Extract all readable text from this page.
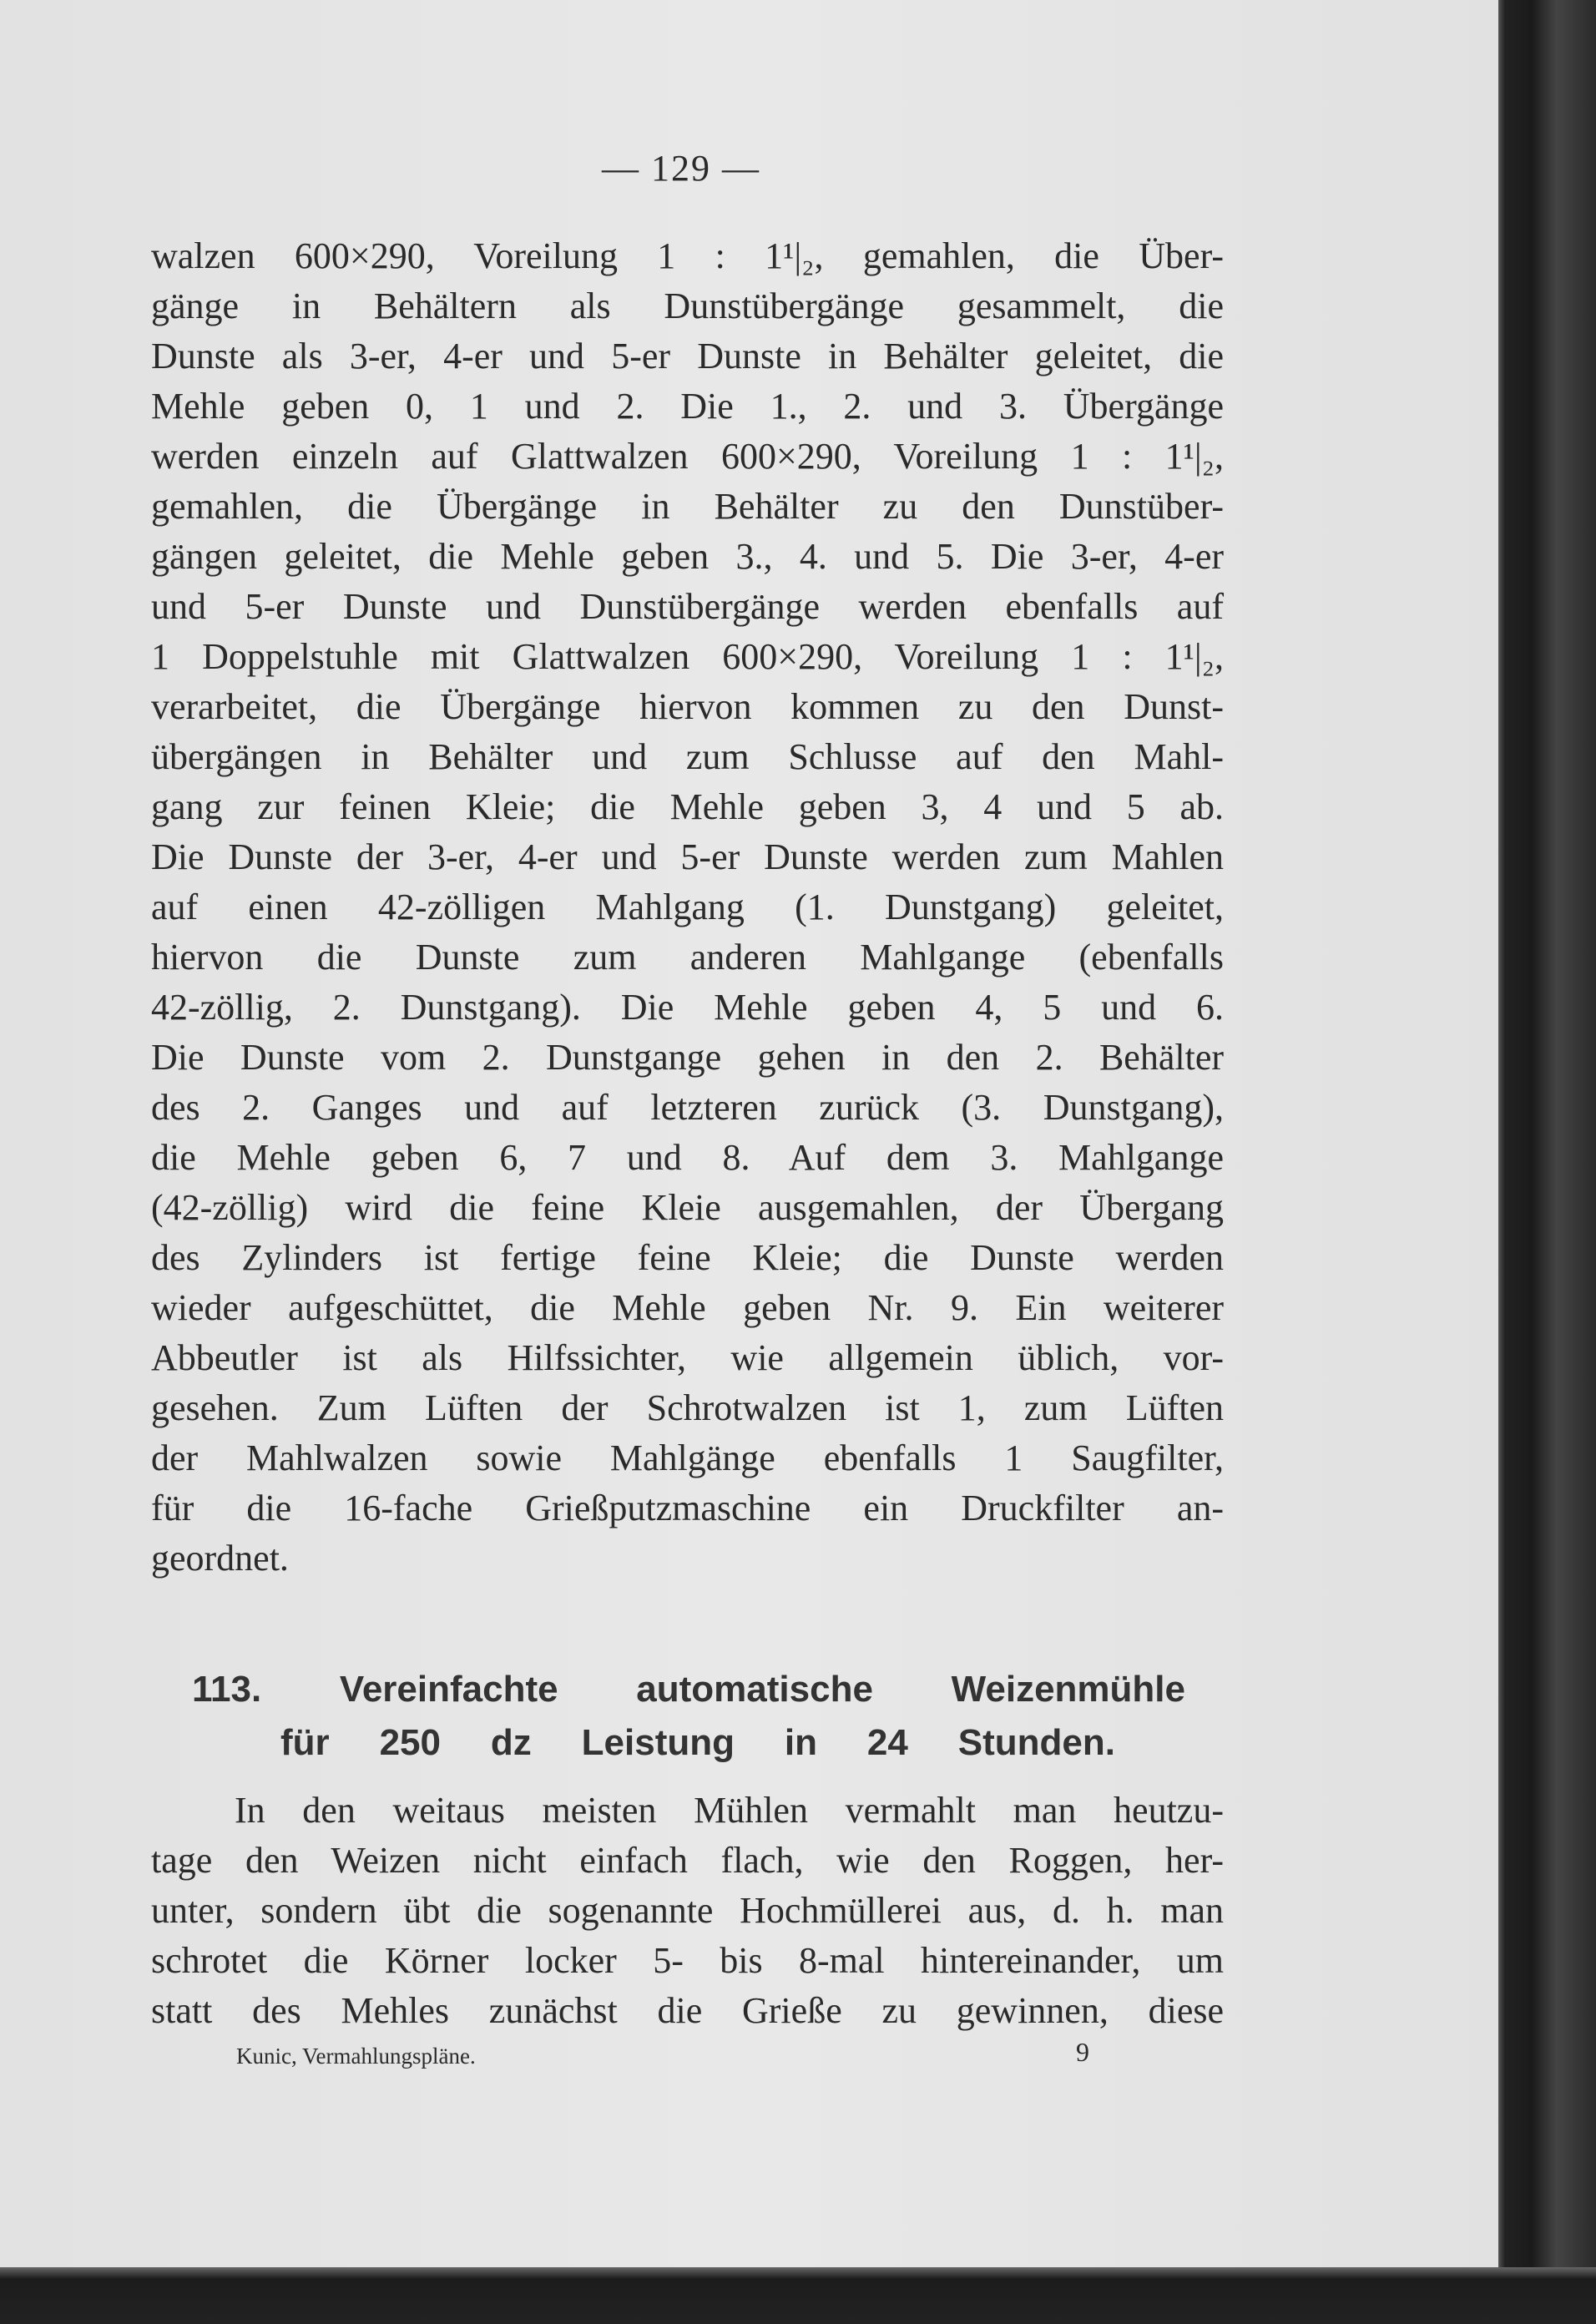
— 129 —
walzen 600×290, Voreilung 1 : 1¹|₂, gemahlen, die Über-
gänge in Behältern als Dunstübergänge gesammelt, die
Dunste als 3-er, 4-er und 5-er Dunste in Behälter geleitet, die
Mehle geben 0, 1 und 2. Die 1., 2. und 3. Übergänge
werden einzeln auf Glattwalzen 600×290, Voreilung 1 : 1¹|₂,
gemahlen, die Übergänge in Behälter zu den Dunstüber-
gängen geleitet, die Mehle geben 3., 4. und 5. Die 3-er, 4-er
und 5-er Dunste und Dunstübergänge werden ebenfalls auf
1 Doppelstuhle mit Glattwalzen 600×290, Voreilung 1 : 1¹|₂,
verarbeitet, die Übergänge hiervon kommen zu den Dunst-
übergängen in Behälter und zum Schlusse auf den Mahl-
gang zur feinen Kleie; die Mehle geben 3, 4 und 5 ab.
Die Dunste der 3-er, 4-er und 5-er Dunste werden zum Mahlen
auf einen 42-zölligen Mahlgang (1. Dunstgang) geleitet,
hiervon die Dunste zum anderen Mahlgange (ebenfalls
42-zöllig, 2. Dunstgang). Die Mehle geben 4, 5 und 6.
Die Dunste vom 2. Dunstgange gehen in den 2. Behälter
des 2. Ganges und auf letzteren zurück (3. Dunstgang),
die Mehle geben 6, 7 und 8. Auf dem 3. Mahlgange
(42-zöllig) wird die feine Kleie ausgemahlen, der Übergang
des Zylinders ist fertige feine Kleie; die Dunste werden
wieder aufgeschüttet, die Mehle geben Nr. 9. Ein weiterer
Abbeutler ist als Hilfssichter, wie allgemein üblich, vor-
gesehen. Zum Lüften der Schrotwalzen ist 1, zum Lüften
der Mahlwalzen sowie Mahlgänge ebenfalls 1 Saugfilter,
für die 16-fache Grießputzmaschine ein Druckfilter an-
geordnet.
113. Vereinfachte automatische Weizenmühle
für 250 dz Leistung in 24 Stunden.
In den weitaus meisten Mühlen vermahlt man heutzu-
tage den Weizen nicht einfach flach, wie den Roggen, her-
unter, sondern übt die sogenannte Hochmüllerei aus, d. h. man
schrotet die Körner locker 5- bis 8-mal hintereinander, um
statt des Mehles zunächst die Grieße zu gewinnen, diese
Kunic, Vermahlungspläne.	9
